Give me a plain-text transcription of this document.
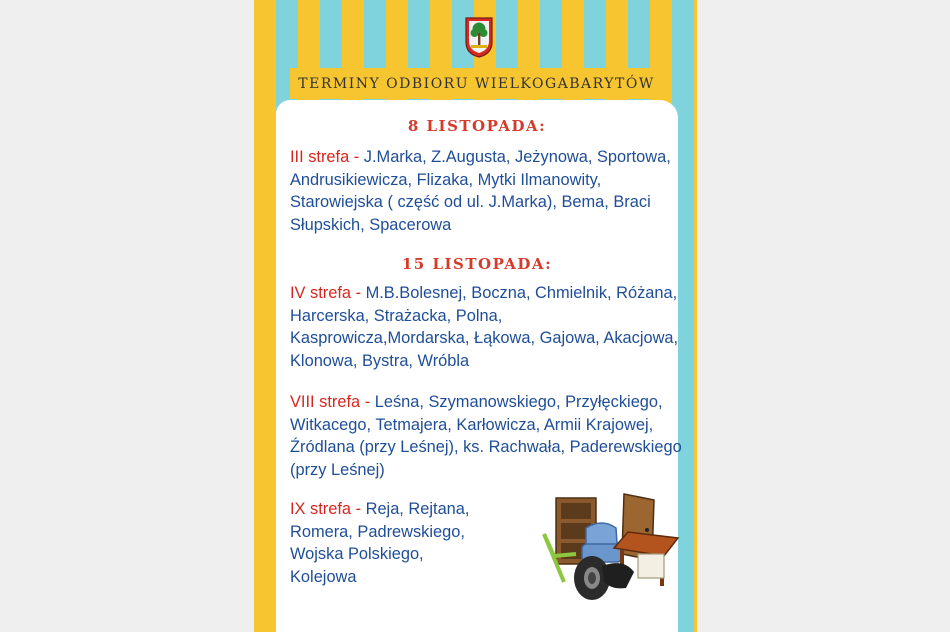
TERMINY ODBIORU WIELKOGABARYTÓW
8 LISTOPADA:
III strefa - J.Marka, Z.Augusta, Jeżynowa, Sportowa, Andrusikiewicza, Flizaka, Mytki Ilmanowity, Starowiejska ( część od ul. J.Marka), Bema, Braci Słupskich, Spacerowa
15 LISTOPADA:
IV strefa - M.B.Bolesnej, Boczna, Chmielnik, Różana, Harcerska, Strażacka, Polna, Kasprowicza,Mordarska, Łąkowa, Gajowa, Akacjowa, Klonowa, Bystra, Wróbla
VIII strefa - Leśna, Szymanowskiego, Przyłęckiego, Witkacego, Tetmajera, Karłowicza, Armii Krajowej, Źródlana (przy Leśnej), ks. Rachwała, Paderewskiego (przy Leśnej)
IX strefa - Reja, Rejtana, Romera, Padrewskiego, Wojska Polskiego, Kolejowa
